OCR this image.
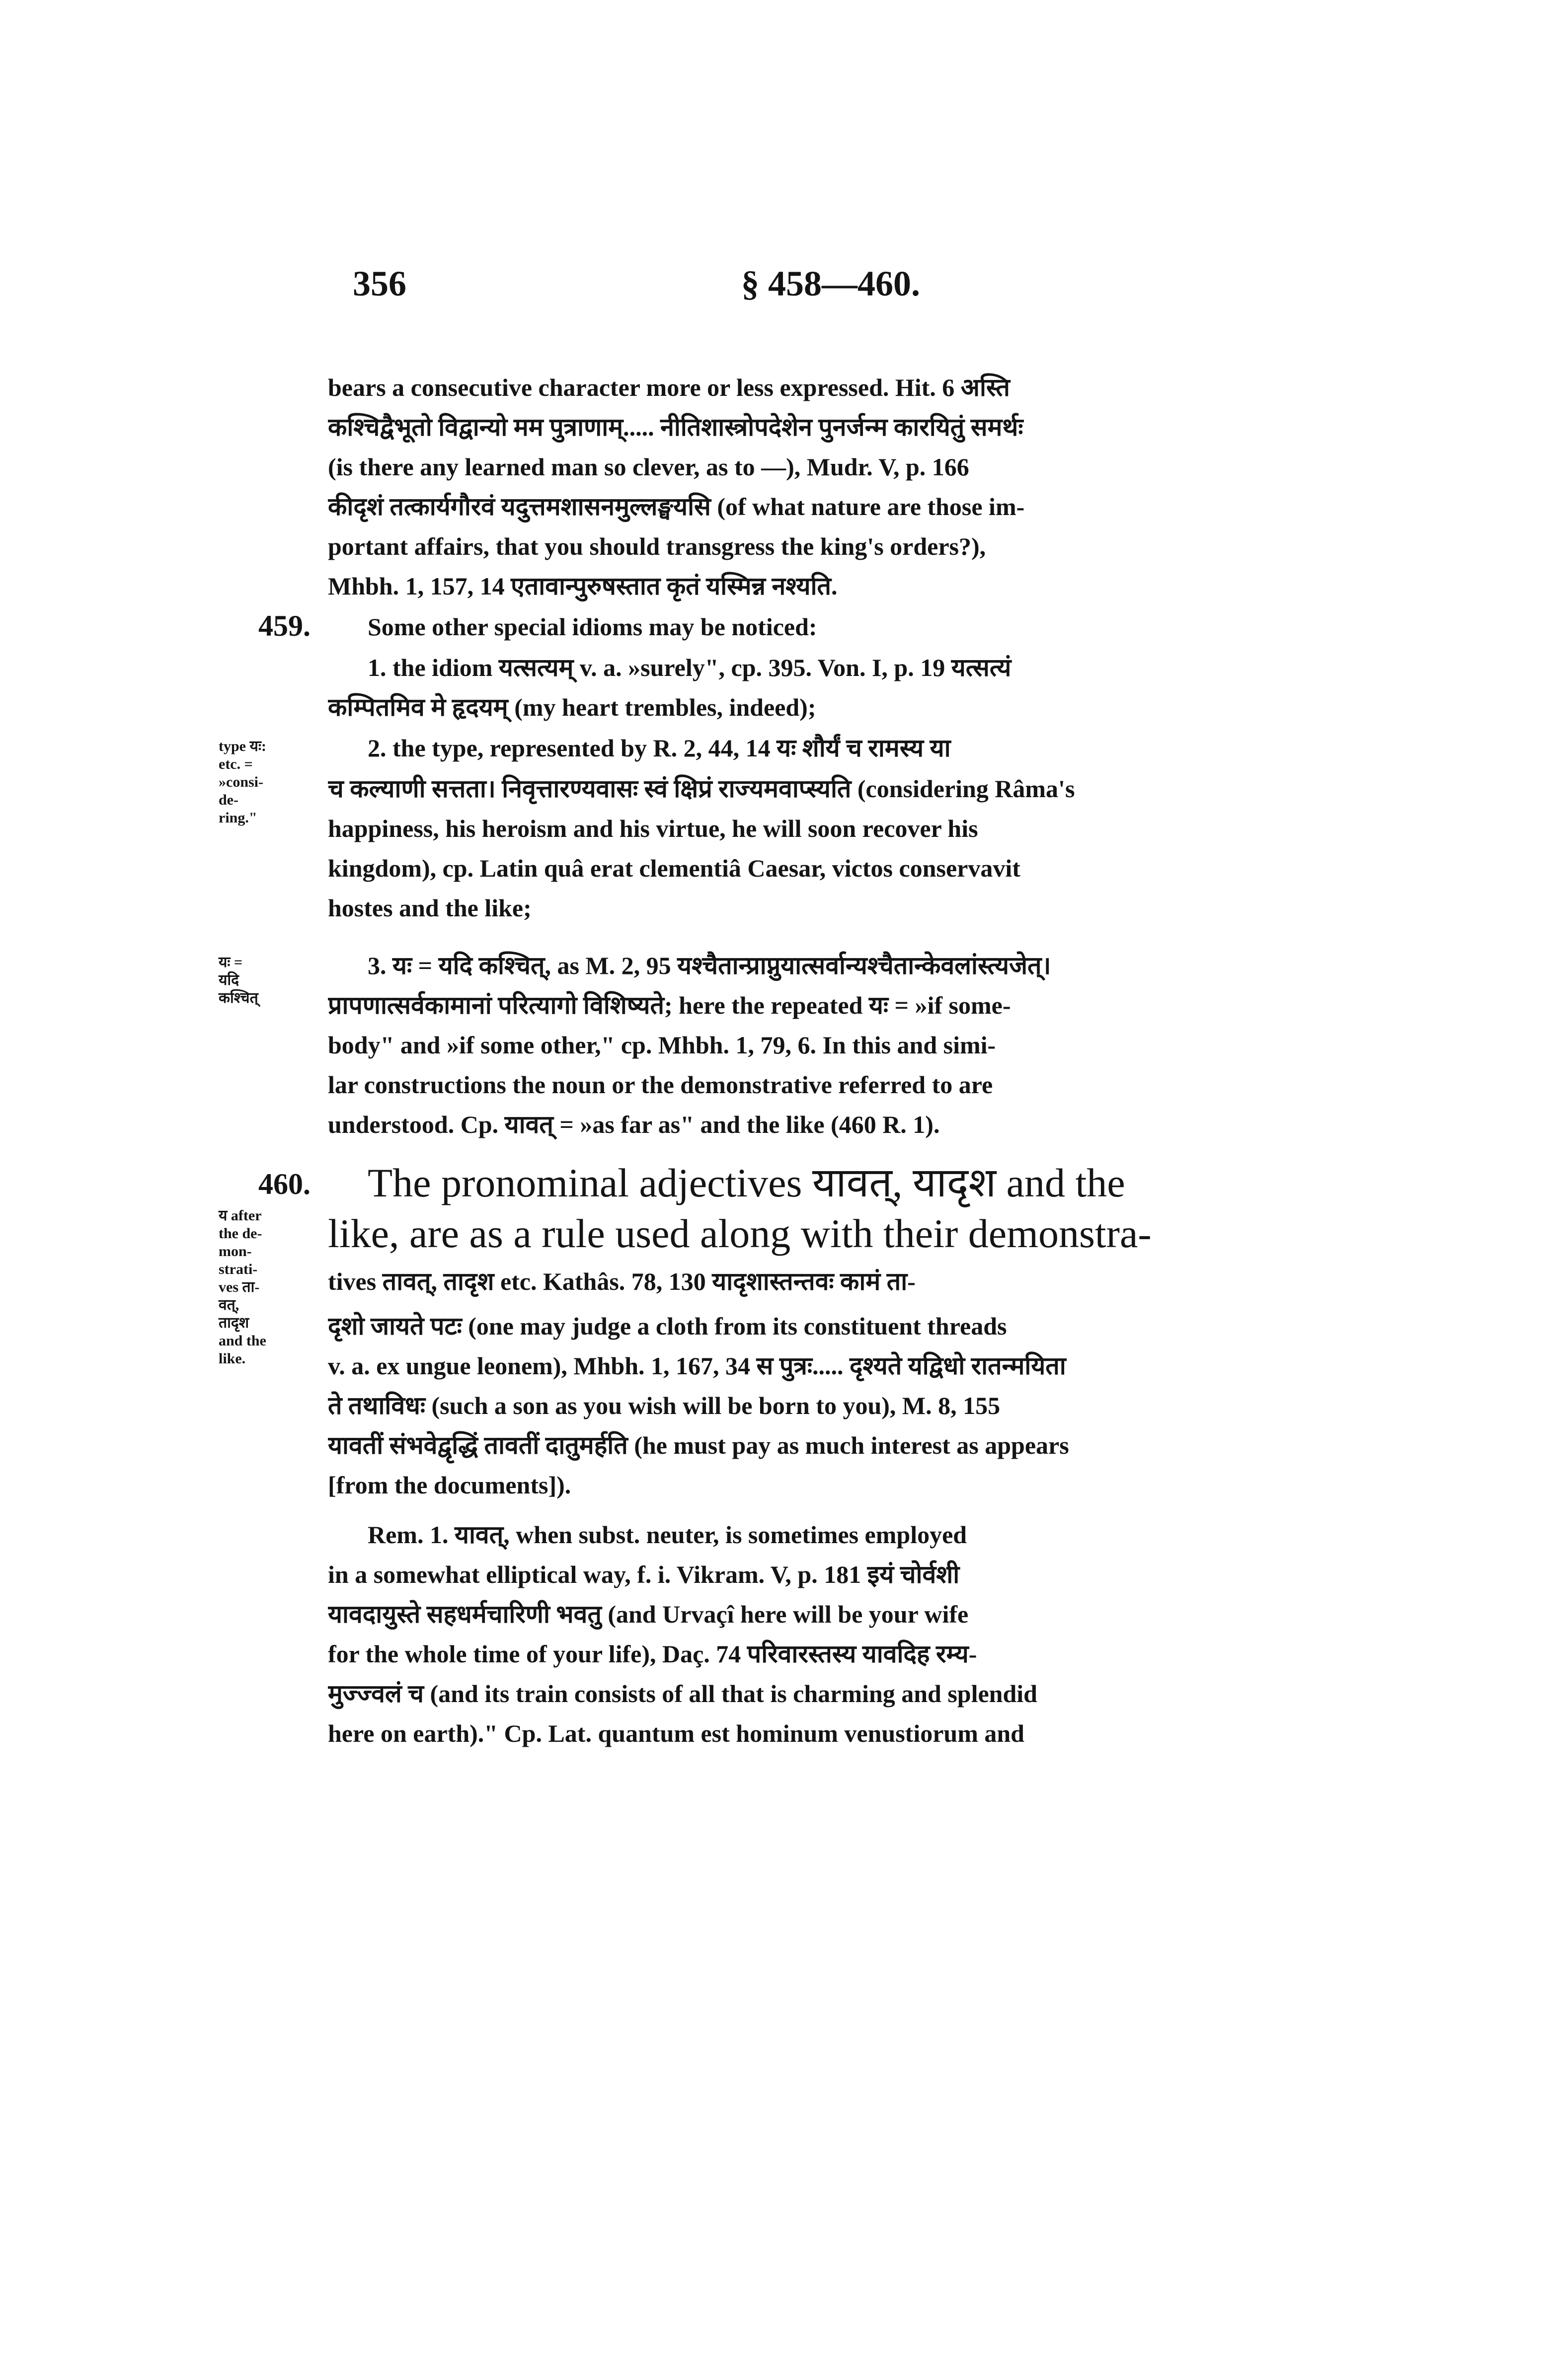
356	§ 458—460.
bears a consecutive character more or less expressed. Hit. 6 अस्ति
कश्चिद्वैभूतो विद्वान्यो मम पुत्राणाम्..... नीतिशास्त्रोपदेशेन पुनर्जन्म कारयितुं समर्थः
(is there any learned man so clever, as to —), Mudr. V, p. 166
कीदृशं तत्कार्यगौरवं यदुत्तमशासनमुल्लङ्घयसि (of what nature are those im-
portant affairs, that you should transgress the king's orders?),
Mhbh. 1, 157, 14 एतावान्पुरुषस्तात कृतं यस्मिन्न नश्यति.
459. Some other special idioms may be noticed:
1. the idiom यत्सत्यम् v. a. »surely", cp. 395. Von. I, p. 19 यत्सत्यं
कम्पितमिव मे हृदयम् (my heart trembles, indeed);
type यः:
etc. =
»consi-
de-
ring."
2. the type, represented by R. 2, 44, 14 यः शौर्यं च रामस्य या
च कल्याणी सत्तता। निवृत्तारण्यवासः स्वं क्षिप्रं राज्यमवाप्स्यति (considering Râma's
happiness, his heroism and his virtue, he will soon recover his
kingdom), cp. Latin quâ erat clementiâ Caesar, victos conservavit
hostes and the like;
यः =
यदि
कश्चित्
3. यः = यदि कश्चित्, as M. 2, 95 यश्चैतान्प्राप्नुयात्सर्वान्यश्चैतान्केवलांस्त्यजेत्।
प्रापणात्सर्वकामानां परित्यागो विशिष्यते; here the repeated यः = »if some-
body" and »if some other," cp. Mhbh. 1, 79, 6. In this and simi-
lar constructions the noun or the demonstrative referred to are
understood. Cp. यावत् = »as far as" and the like (460 R. 1).
460.
य after
the de-
mon-
strati-
ves ता-
वत्,
तादृश
and the
like.
The pronominal adjectives यावत्, यादृश and the
like, are as a rule used along with their demonstra-
tives तावत्, तादृश etc. Kathâs. 78, 130 यादृशास्तन्तवः कामं ता-
दृशो जायते पटः (one may judge a cloth from its constituent threads
v. a. ex ungue leonem), Mhbh. 1, 167, 34 स पुत्रः..... दृश्यते यद्विधो रातन्मयिता
ते तथाविधः (such a son as you wish will be born to you), M. 8, 155
यावतीं संभवेद्वृद्धिं तावतीं दातुमर्हति (he must pay as much interest as appears
[from the documents]).
Rem. 1. यावत्, when subst. neuter, is sometimes employed
in a somewhat elliptical way, f. i. Vikram. V, p. 181 इयं चोर्वशी
यावदायुस्ते सहधर्मचारिणी भवतु (and Urvaçî here will be your wife
for the whole time of your life), Daç. 74 परिवारस्तस्य यावदिह रम्य-
मुज्ज्वलं च (and its train consists of all that is charming and splendid
here on earth)." Cp. Lat. quantum est hominum venustiorum and
